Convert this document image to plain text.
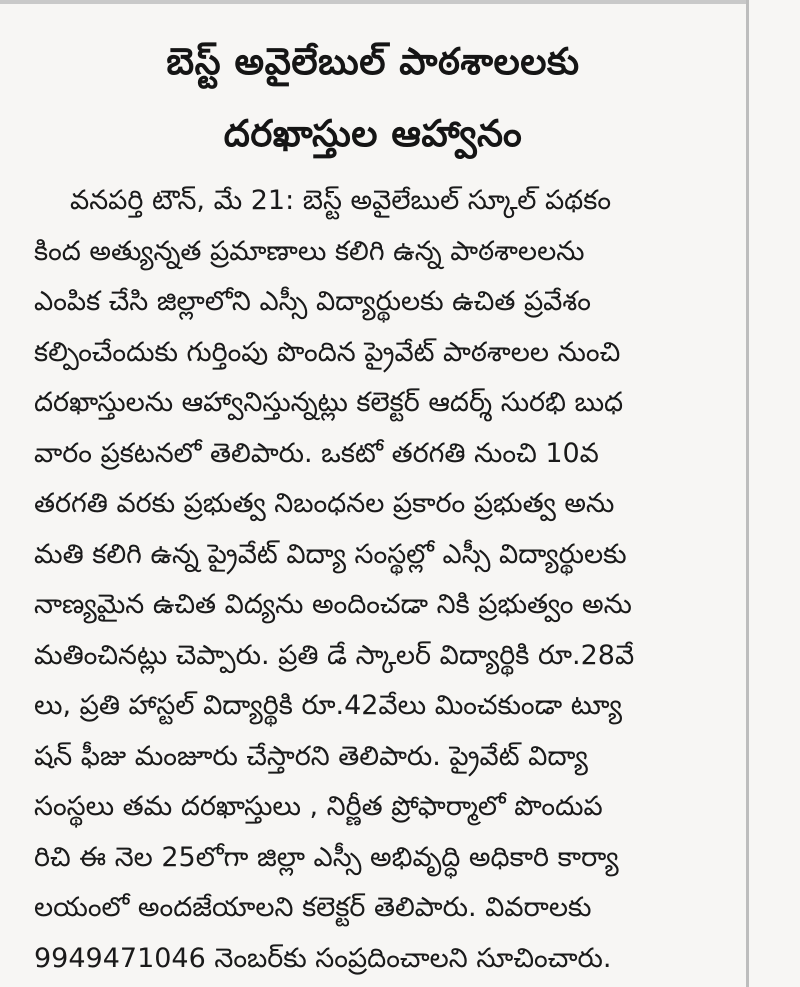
బెస్ట్ అవైలేబుల్ పాఠశాలలకు
దరఖాస్తుల ఆహ్వానం
వనపర్తి టౌన్, మే 21: బెస్ట్ అవైలేబుల్ స్కూల్ పథకం
కింద అత్యున్నత ప్రమాణాలు కలిగి ఉన్న పాఠశాలలను
ఎంపిక చేసి జిల్లాలోని ఎస్సీ విద్యార్థులకు ఉచిత ప్రవేశం
కల్పించేందుకు గుర్తింపు పొందిన ప్రైవేట్ పాఠశాలల నుంచి
దరఖాస్తులను ఆహ్వానిస్తున్నట్లు కలెక్టర్ ఆదర్శ్ సురభి బుధ
వారం ప్రకటనలో తెలిపారు. ఒకటో తరగతి నుంచి 10వ
తరగతి వరకు ప్రభుత్వ నిబంధనల ప్రకారం ప్రభుత్వ అను
మతి కలిగి ఉన్న ప్రైవేట్ విద్యా సంస్థల్లో ఎస్సీ విద్యార్థులకు
నాణ్యమైన ఉచిత విద్యను అందించడా నికి ప్రభుత్వం అను
మతించినట్లు చెప్పారు. ప్రతి డే స్కాలర్ విద్యార్థికి రూ.28వే
లు, ప్రతి హాస్టల్ విద్యార్థికి రూ.42వేలు మించకుండా ట్యూ
షన్ ఫీజు మంజూరు చేస్తారని తెలిపారు. ప్రైవేట్ విద్యా
సంస్థలు తమ దరఖాస్తులు , నిర్ణీత ప్రోఫార్మాలో పొందుప
రిచి ఈ నెల 25లోగా జిల్లా ఎస్సీ అభివృద్ధి అధికారి కార్యా
లయంలో అందజేయాలని కలెక్టర్ తెలిపారు. వివరాలకు
9949471046 నెంబర్‌కు సంప్రదించాలని సూచించారు.
